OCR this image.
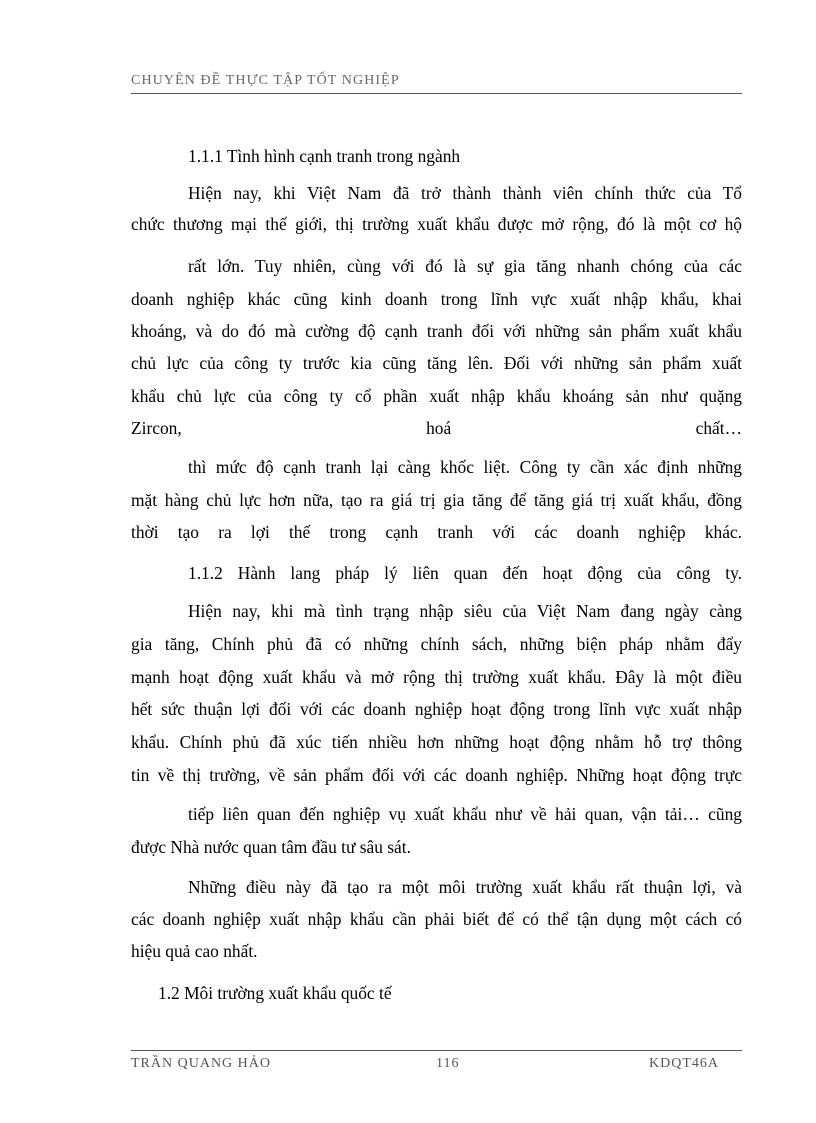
CHUYÊN ĐỀ THỰC TẬP TỐT NGHIỆP
1.1.1 Tình hình cạnh tranh trong ngành
Hiện nay, khi Việt Nam đã trở thành thành viên chính thức của Tổ
chức thương mại thế giới, thị trường xuất khẩu được mở rộng, đó là một cơ hộ
rất lớn. Tuy nhiên, cùng với đó là sự gia tăng nhanh chóng của các
doanh nghiệp khác cũng kinh doanh trong lĩnh vực xuất nhập khẩu, khai
khoáng, và do đó mà cường độ cạnh tranh đối với những sản phẩm xuất khẩu
chủ lực của công ty trước kia cũng tăng lên. Đối với những sản phẩm xuất
khẩu chủ lực của công ty cổ phần xuất nhập khẩu khoáng sản như quặng
Zircon, hoá chất…
thì mức độ cạnh tranh lại càng khốc liệt. Công ty cần xác định những
mặt hàng chủ lực hơn nữa, tạo ra giá trị gia tăng để tăng giá trị xuất khẩu, đồng
thời tạo ra lợi thế trong cạnh tranh với các doanh nghiệp khác.
1.1.2 Hành lang pháp lý liên quan đến hoạt động của công ty.
Hiện nay, khi mà tình trạng nhập siêu của Việt Nam đang ngày càng
gia tăng, Chính phủ đã có những chính sách, những biện pháp nhằm đẩy
mạnh hoạt động xuất khẩu và mở rộng thị trường xuất khẩu. Đây là một điều
hết sức thuận lợi đối với các doanh nghiệp hoạt động trong lĩnh vực xuất nhập
khẩu. Chính phủ đã xúc tiến nhiều hơn những hoạt động nhằm hỗ trợ thông
tin về thị trường, về sản phẩm đối với các doanh nghiệp. Những hoạt động trực
tiếp liên quan đến nghiệp vụ xuất khẩu như về hải quan, vận tải… cũng
được Nhà nước quan tâm đầu tư sâu sát.
Những điều này đã tạo ra một môi trường xuất khẩu rất thuận lợi, và
các doanh nghiệp xuất nhập khẩu cần phải biết để có thể tận dụng một cách có
hiệu quả cao nhất.
1.2 Môi trường xuất khẩu quốc tế
TRẦN QUANG HẢO	116	KDQT46A
